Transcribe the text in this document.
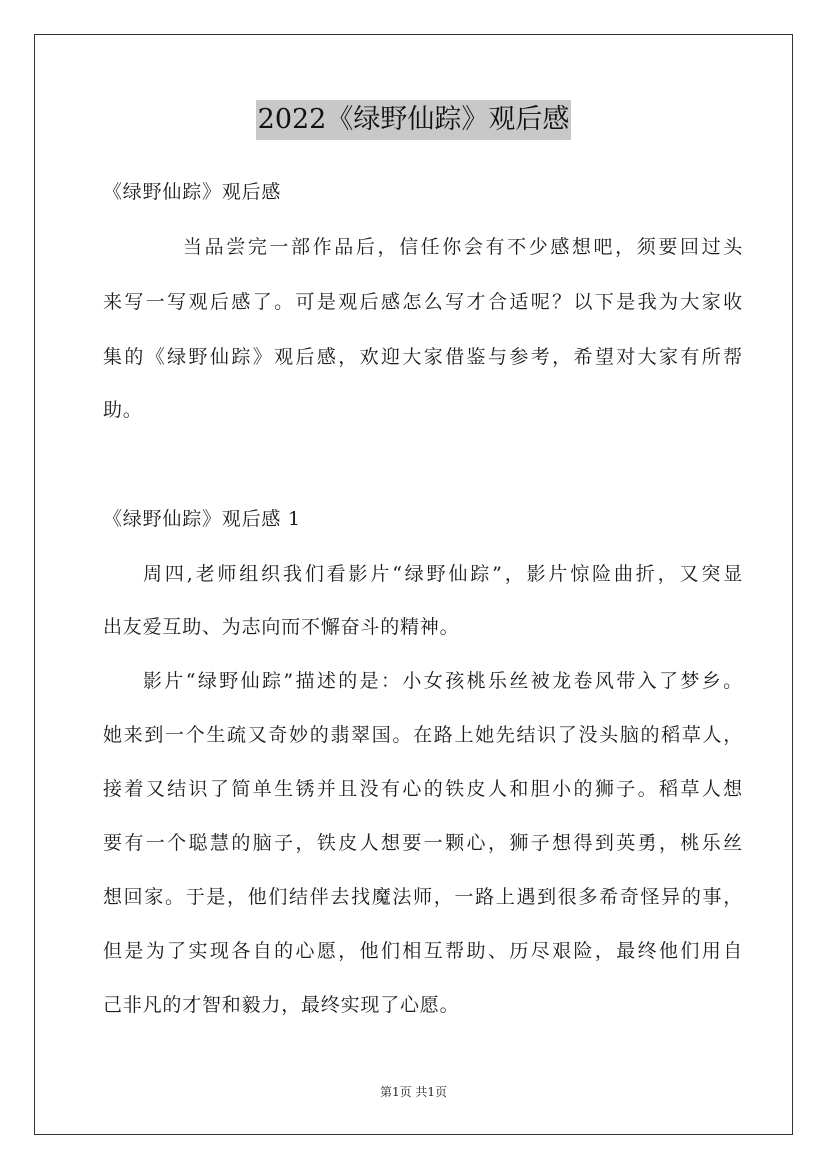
2022《绿野仙踪》观后感
《绿野仙踪》观后感
当品尝完一部作品后，信任你会有不少感想吧，须要回过头
来写一写观后感了。可是观后感怎么写才合适呢？以下是我为大家收
集的《绿野仙踪》观后感，欢迎大家借鉴与参考，希望对大家有所帮
助。
《绿野仙踪》观后感 1
周四,老师组织我们看影片“绿野仙踪”，影片惊险曲折，又突显
出友爱互助、为志向而不懈奋斗的精神。
影片“绿野仙踪”描述的是：小女孩桃乐丝被龙卷风带入了梦乡。
她来到一个生疏又奇妙的翡翠国。在路上她先结识了没头脑的稻草人，
接着又结识了简单生锈并且没有心的铁皮人和胆小的狮子。稻草人想
要有一个聪慧的脑子，铁皮人想要一颗心，狮子想得到英勇，桃乐丝
想回家。于是，他们结伴去找魔法师，一路上遇到很多希奇怪异的事，
但是为了实现各自的心愿，他们相互帮助、历尽艰险，最终他们用自
己非凡的才智和毅力，最终实现了心愿。
第1页 共1页
